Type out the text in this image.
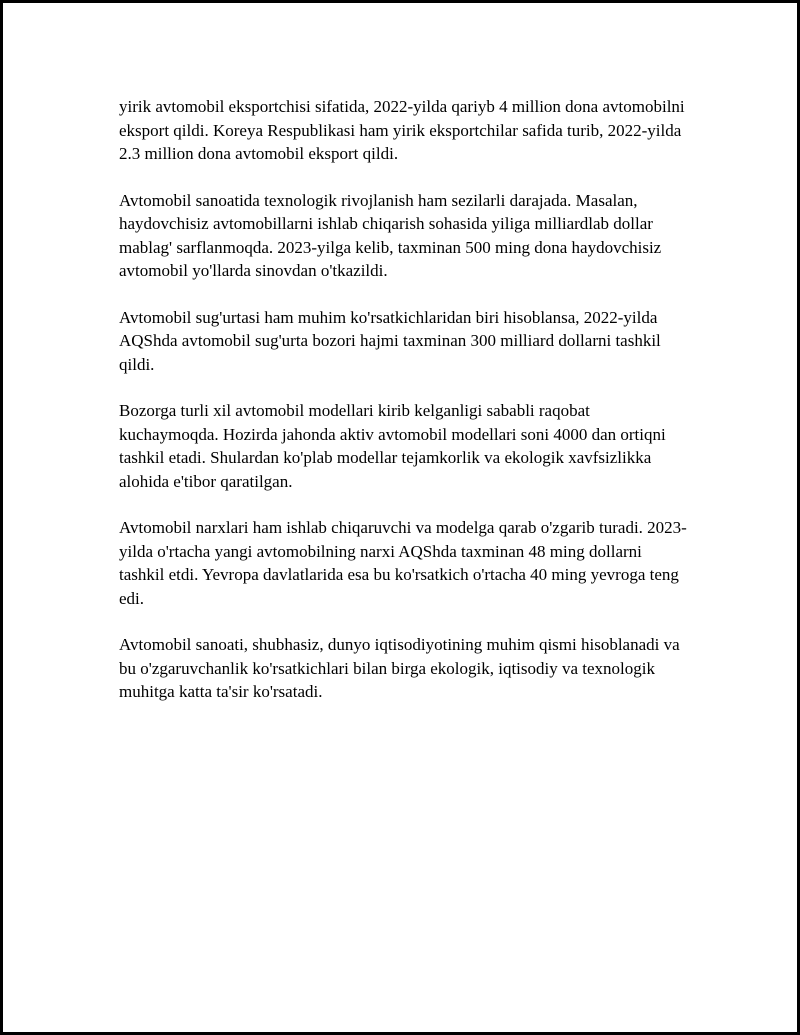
yirik avtomobil eksportchisi sifatida, 2022-yilda qariyb 4 million dona avtomobilni eksport qildi. Koreya Respublikasi ham yirik eksportchilar safida turib, 2022-yilda 2.3 million dona avtomobil eksport qildi.

Avtomobil sanoatida texnologik rivojlanish ham sezilarli darajada. Masalan, haydovchisiz avtomobillarni ishlab chiqarish sohasida yiliga milliardlab dollar mablag' sarflanmoqda. 2023-yilga kelib, taxminan 500 ming dona haydovchisiz avtomobil yo'llarda sinovdan o'tkazildi.

Avtomobil sug'urtasi ham muhim ko'rsatkichlaridan biri hisoblansa, 2022-yilda AQShda avtomobil sug'urta bozori hajmi taxminan 300 milliard dollarni tashkil qildi.

Bozorga turli xil avtomobil modellari kirib kelganligi sababli raqobat kuchaymoqda. Hozirda jahonda aktiv avtomobil modellari soni 4000 dan ortiqni tashkil etadi. Shulardan ko'plab modellar tejamkorlik va ekologik xavfsizlikka alohida e'tibor qaratilgan.

Avtomobil narxlari ham ishlab chiqaruvchi va modelga qarab o'zgarib turadi. 2023-yilda o'rtacha yangi avtomobilning narxi AQShda taxminan 48 ming dollarni tashkil etdi. Yevropa davlatlarida esa bu ko'rsatkich o'rtacha 40 ming yevroga teng edi.

Avtomobil sanoati, shubhasiz, dunyo iqtisodiyotining muhim qismi hisoblanadi va bu o'zgaruvchanlik ko'rsatkichlari bilan birga ekologik, iqtisodiy va texnologik muhitga katta ta'sir ko'rsatadi.
